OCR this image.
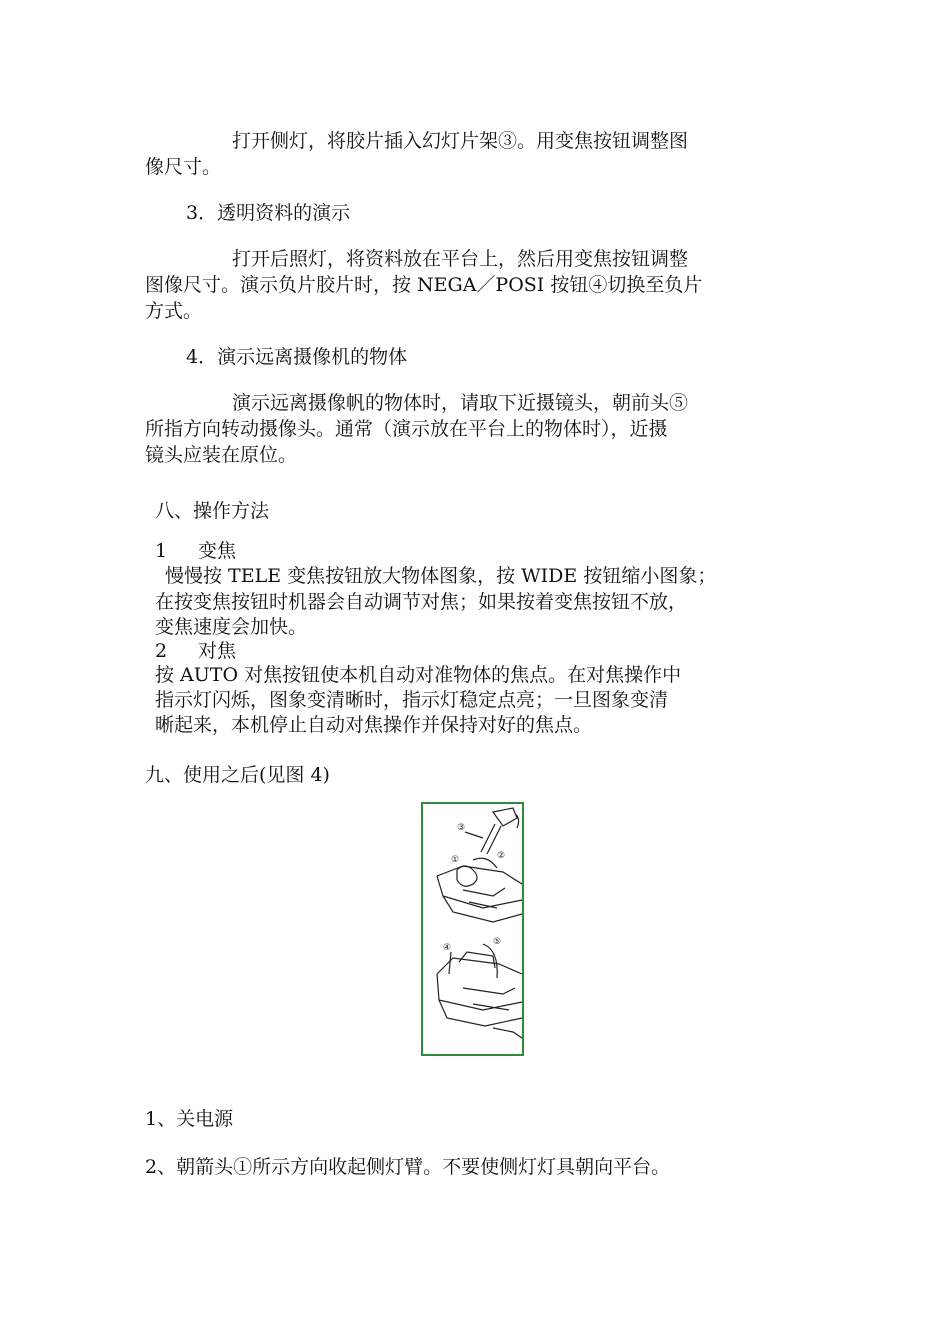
打开侧灯，将胶片插入幻灯片架③。用变焦按钮调整图

像尺寸。

3．透明资料的演示

打开后照灯，将资料放在平台上，然后用变焦按钮调整

图像尺寸。演示负片胶片时，按 NEGA／POSI 按钮④切换至负片

方式。

4．演示远离摄像机的物体

演示远离摄像帆的物体时，请取下近摄镜头，朝前头⑤

所指方向转动摄像头。通常（演示放在平台上的物体时），近摄

镜头应装在原位。

八、操作方法

1 变焦

慢慢按 TELE 变焦按钮放大物体图象，按 WIDE 按钮缩小图象；

在按变焦按钮时机器会自动调节对焦；如果按着变焦按钮不放，

变焦速度会加快。

2 对焦

按 AUTO 对焦按钮使本机自动对准物体的焦点。在对焦操作中

指示灯闪烁，图象变清晰时，指示灯稳定点亮；一旦图象变清

晰起来，本机停止自动对焦操作并保持对好的焦点。

九、使用之后(见图 4)

③
①	②
④
⑤

1、关电源

2、朝箭头①所示方向收起侧灯臂。不要使侧灯灯具朝向平台。
